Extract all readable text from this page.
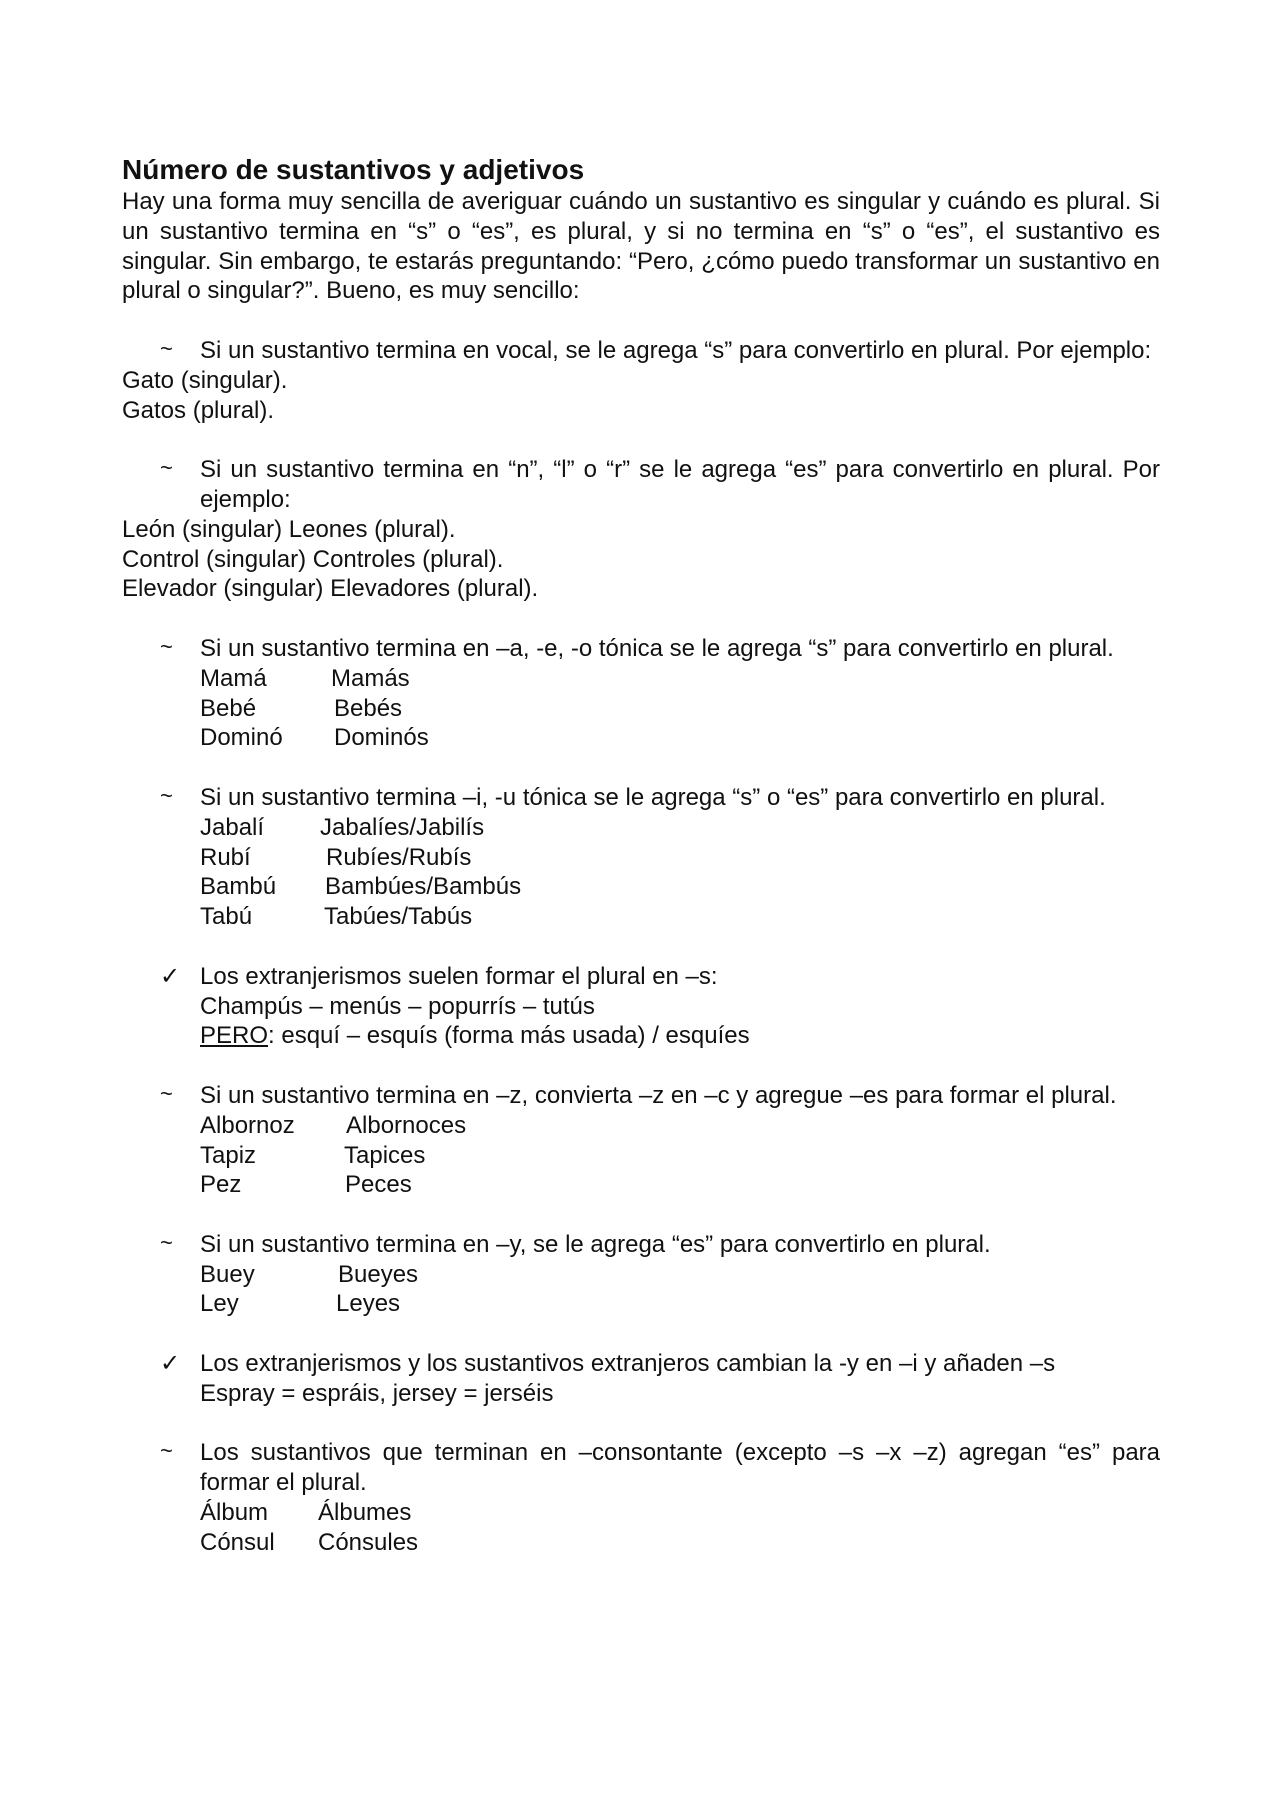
Número de sustantivos y adjetivos

Hay una forma muy sencilla de averiguar cuándo un sustantivo es singular y cuándo es plural. Si un sustantivo termina en “s” o “es”, es plural, y si no termina en “s” o “es”, el sustantivo es singular. Sin embargo, te estarás preguntando: “Pero, ¿cómo puedo transformar un sustantivo en plural o singular?”. Bueno, es muy sencillo:

~	Si un sustantivo termina en vocal, se le agrega “s” para convertirlo en plural. Por ejemplo:
Gato (singular).
Gatos (plural).
~	Si un sustantivo termina en “n”, “l” o “r” se le agrega “es” para convertirlo en plural. Por ejemplo:
León (singular) Leones (plural).
Control (singular) Controles (plural).
Elevador (singular) Elevadores (plural).
~	Si un sustantivo termina en –a, -e, -o tónica se le agrega “s” para convertirlo en plural.
Mamá	Mamás
Bebé	Bebés
Dominó	Dominós
~	Si un sustantivo termina –i, -u tónica se le agrega “s” o “es” para convertirlo en plural.
Jabalí	Jabalíes/Jabilís
Rubí	Rubíes/Rubís
Bambú	Bambúes/Bambús
Tabú	Tabúes/Tabús
✓ Los extranjerismos suelen formar el plural en –s:
Champús – menús – popurrís – tutús
PERO: esquí – esquís (forma más usada) / esquíes
~	Si un sustantivo termina en –z, convierta –z en –c y agregue –es para formar el plural.
Albornoz	Albornoces
Tapiz	Tapices
Pez	Peces
~	Si un sustantivo termina en –y, se le agrega “es” para convertirlo en plural.
Buey	Bueyes
Ley	Leyes
✓ Los extranjerismos y los sustantivos extranjeros cambian la -y en –i y añaden –s
Espray = espráis, jersey = jerséis
~	Los sustantivos que terminan en –consontante (excepto –s –x –z) agregan “es” para formar el plural.
Álbum	Álbumes
Cónsul	Cónsules
